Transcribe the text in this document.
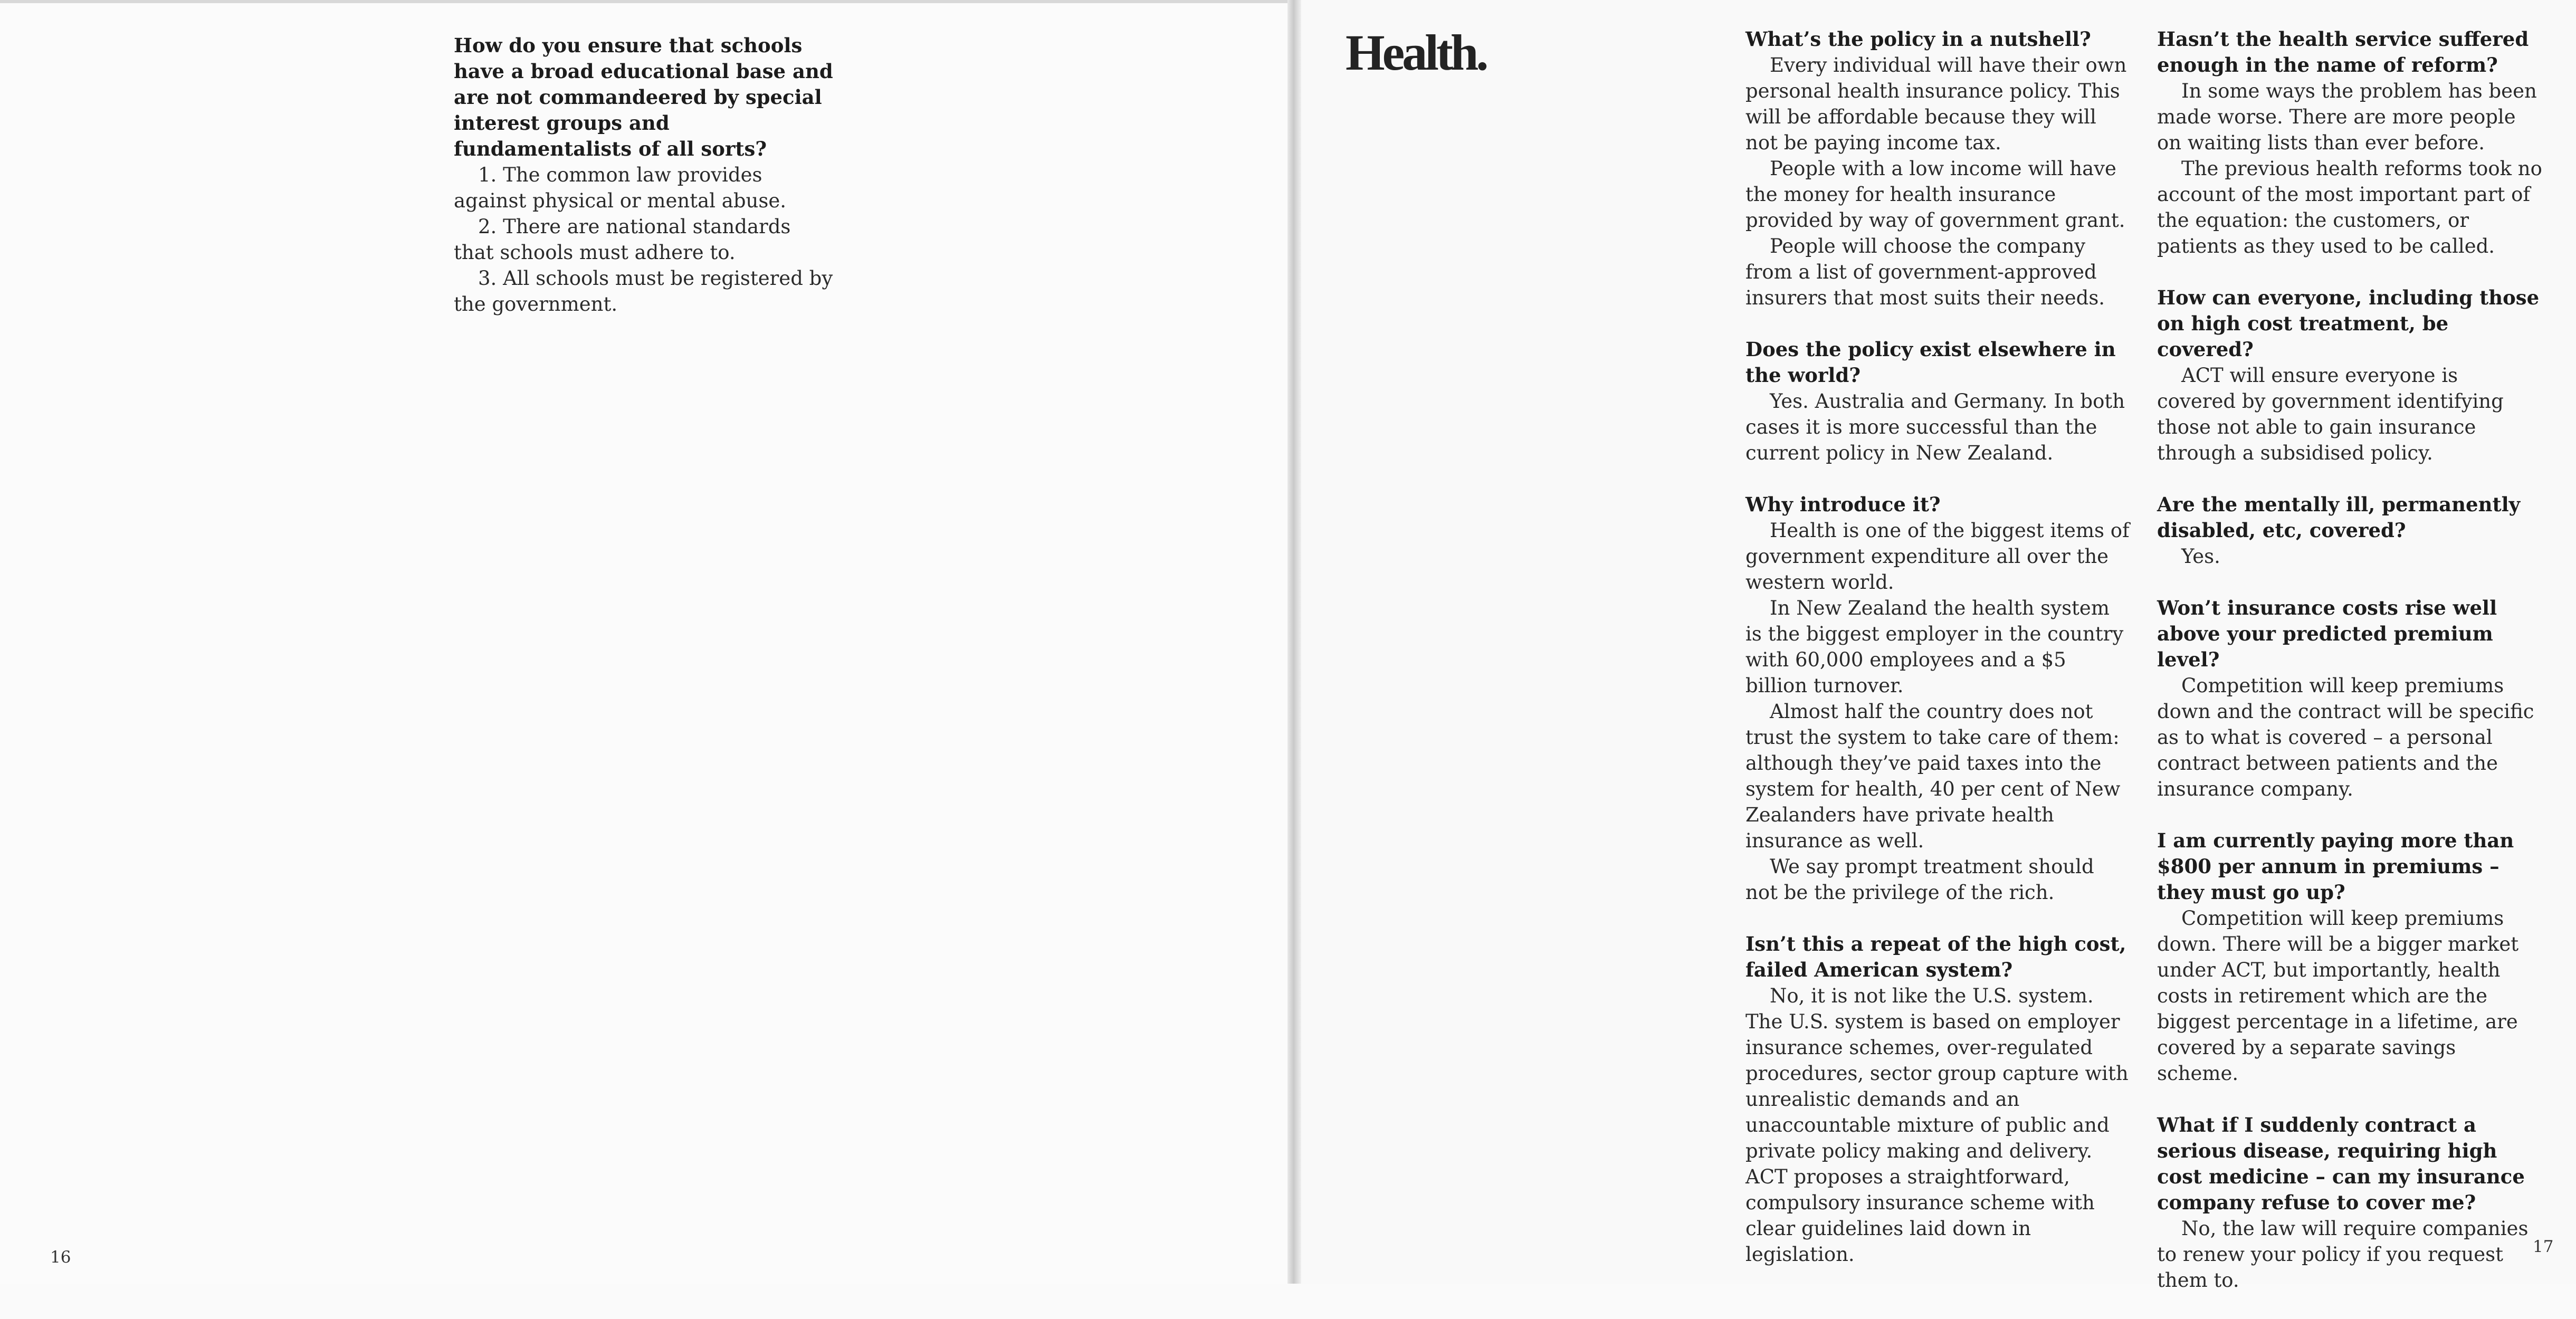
How do you ensure that schools have a broad educational base and are not commandeered by special interest groups and fundamentalists of all sorts?

1. The common law provides against physical or mental abuse.

2. There are national standards that schools must adhere to.

3. All schools must be registered by the government.

16
Health.	What’s the policy in a nutshell?

Every individual will have their own personal health insurance policy. This will be affordable because they will not be paying income tax.

People with a low income will have the money for health insurance provided by way of government grant.

People will choose the company from a list of government-approved insurers that most suits their needs.

Does the policy exist elsewhere in the world?

Yes. Australia and Germany. In both cases it is more successful than the current policy in New Zealand.

Why introduce it?

Health is one of the biggest items of government expenditure all over the western world.

In New Zealand the health system is the biggest employer in the country with 60,000 employees and a $5 billion turnover.

Almost half the country does not trust the system to take care of them: although they’ve paid taxes into the system for health, 40 per cent of New Zealanders have private health insurance as well.

We say prompt treatment should not be the privilege of the rich.

Isn’t this a repeat of the high cost, failed American system?

No, it is not like the U.S. system. The U.S. system is based on employer insurance schemes, over-regulated procedures, sector group capture with unrealistic demands and an unaccountable mixture of public and private policy making and delivery. ACT proposes a straightforward, compulsory insurance scheme with clear guidelines laid down in legislation.

Hasn’t the health service suffered enough in the name of reform?

In some ways the problem has been made worse. There are more people on waiting lists than ever before.

The previous health reforms took no account of the most important part of the equation: the customers, or patients as they used to be called.

How can everyone, including those on high cost treatment, be covered?

ACT will ensure everyone is covered by government identifying those not able to gain insurance through a subsidised policy.

Are the mentally ill, permanently disabled, etc, covered?

Yes.

Won’t insurance costs rise well above your predicted premium level?

Competition will keep premiums down and the contract will be specific as to what is covered – a personal contract between patients and the insurance company.

I am currently paying more than $800 per annum in premiums – they must go up?

Competition will keep premiums down. There will be a bigger market under ACT, but importantly, health costs in retirement which are the biggest percentage in a lifetime, are covered by a separate savings scheme.

What if I suddenly contract a serious disease, requiring high cost medicine – can my insurance company refuse to cover me?

No, the law will require companies to renew your policy if you request them to.

17
